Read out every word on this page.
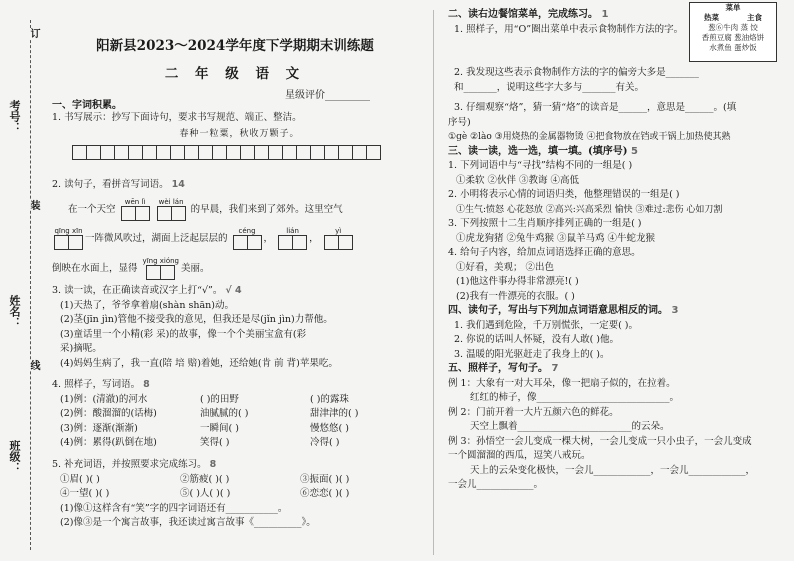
考号：
姓名：
班级：
订
装
线
阳新县2023～2024学年度下学期期末训练题
二 年 级 语 文
星级评价_________
一、字词积累。

1. 书写展示：抄写下面诗句，要求书写规范、端正、整洁。

春种一粒粟，秋收万颗子。

2. 读句子，看拼音写词语。 14

在一个天空
wēn lì
wèi lán
的早晨，我们来到了郊外。这里空气

qīng xīn
一阵微风吹过，湖面上泛起层层的
céng
，
lián
，
yì

倒映在水面上，显得
yīng xióng
美丽。

3. 读一读，在正确读音或汉字上打“√”。 √ 4

(1)天热了，爷爷拿着扇(shàn shān)动。

(2)茎(jīn jìn)管他不接受我的意见，但我还是尽(jǐn jìn)力帮他。

(3)童话里一个小精(彩 采)的故事，像一个个美丽宝盒有(彩

采)摘呢。

(4)妈妈生病了，我一直(陪 培 赔)着她，还给她(肯 前 背)苹果吃。

4. 照样子，写词语。 8

(1)例：(清澈)的河水	( )的田野	( )的露珠
(2)例：酸溜溜的(话梅)	油腻腻的( )	甜津津的( )
(3)例：逐渐(渐渐)	一瞬间( )	慢悠悠( )
(4)例：累得(趴倒在地)	笑得( )	冷得( )

5. 补充词语，并按照要求完成练习。 8

①眉( )( )	②筋疲( )( )	③振面( )( )
④一望( )( )	⑤( )人( )( )	⑥恋恋( )( )

(1)像①这样含有“笑”字的四字词语还有___________。

(2)像③是一个寓言故事，我还读过寓言故事《__________》。

菜单
热菜	主食
葱⑥牛肉 蒸 饺
香煎豆腐 葱油烙饼
水煮鱼 蛋炒饭

二、读右边餐馆菜单，完成练习。 1

1. 照样子，用“O”圈出菜单中表示食物制作方法的字。

2. 我发现这些表示食物制作方法的字的偏旁大多是_______

和_______，说明这些字大多与_______有关。

3. 仔细观察“烙”，猜一猜“烙”的读音是______，意思是______。(填

序号)

①gè ②lào ③用烧热的金属器物烫 ④把食物放在铛或干锅上加热使其熟

三、读一读，选一选，填一填。(填序号) 5

1. 下列词语中与“寻找”结构不同的一组是( )

①柔软 ②伙伴 ③教诲 ④高低

2. 小明将表示心情的词语归类，他整理错误的一组是( )

①生气:愤怒 心花怒放 ②高兴:兴高采烈 愉快 ③难过:悲伤 心如刀割

3. 下列按照十二生肖顺序排列正确的一组是( )

①虎龙狗猪 ②兔牛鸡猴 ③鼠羊马鸡 ④牛蛇龙猴

4. 给句子内容，给加点词语选择正确的意思。

①好看，美观； ②出色

(1)他这件事办得非常漂亮!( )

(2)我有一件漂亮的衣服。( )

四、读句子，写出与下列加点词语意思相反的词。 3

1. 我们遇到危险，千万别慌张，一定要( )。

2. 你说的话叫人怀疑，没有人敢( )他。

3. 温暖的阳光驱赶走了我身上的( )。

五、照样子，写句子。 7

例 1：大象有一对大耳朵，像一把扇子似的，在拉着。

红红的柿子，像____________________________。

例 2：门前开着一大片五颜六色的鲜花。

天空上飘着________________________的云朵。

例 3：孙悟空一会儿变成一棵大树，一会儿变成一只小虫子，一会儿变成

一个圆溜溜的西瓜，逗笑八戒玩。

天上的云朵变化极快，一会儿____________，一会儿____________，

一会儿____________。
